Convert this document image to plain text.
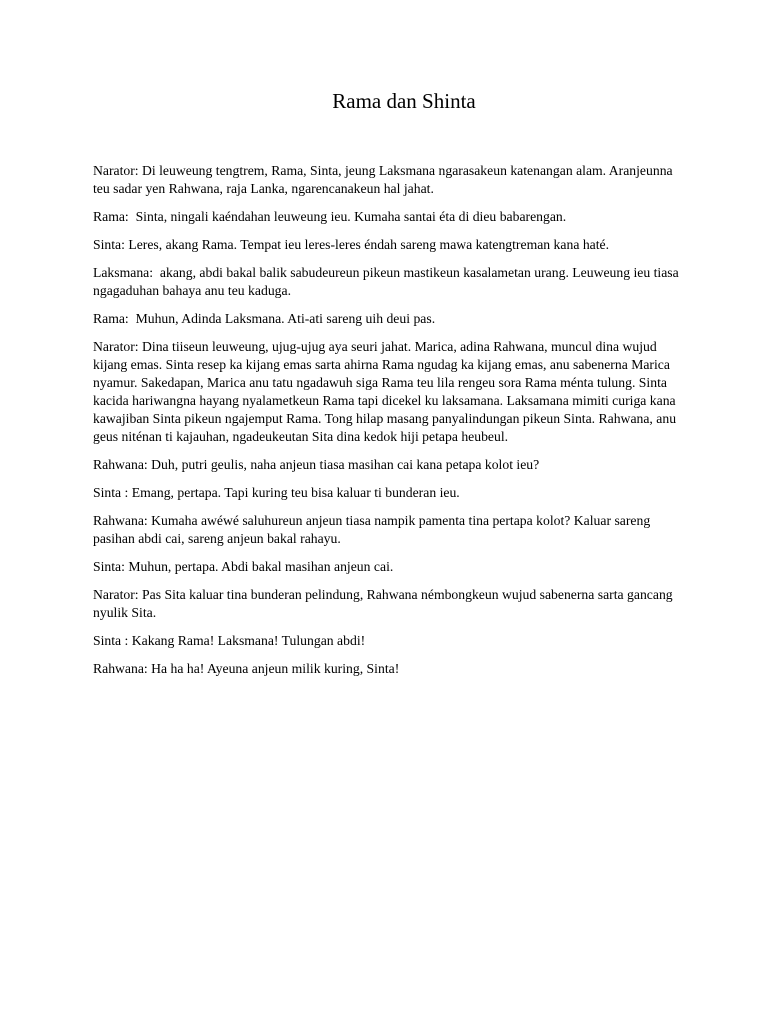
Rama dan Shinta

Narator: Di leuweung tengtrem, Rama, Sinta, jeung Laksmana ngarasakeun katenangan alam. Aranjeunna teu sadar yen Rahwana, raja Lanka, ngarencanakeun hal jahat.

Rama:  Sinta, ningali kaéndahan leuweung ieu. Kumaha santai éta di dieu babarengan.

Sinta: Leres, akang Rama. Tempat ieu leres-leres éndah sareng mawa katengtreman kana haté.

Laksmana:  akang, abdi bakal balik sabudeureun pikeun mastikeun kasalametan urang. Leuweung ieu tiasa ngagaduhan bahaya anu teu kaduga.

Rama:  Muhun, Adinda Laksmana. Ati-ati sareng uih deui pas.

Narator: Dina tiiseun leuweung, ujug-ujug aya seuri jahat. Marica, adina Rahwana, muncul dina wujud kijang emas. Sinta resep ka kijang emas sarta ahirna Rama ngudag ka kijang emas, anu sabenerna Marica nyamur. Sakedapan, Marica anu tatu ngadawuh siga Rama teu lila rengeu sora Rama ménta tulung. Sinta kacida hariwangna hayang nyalametkeun Rama tapi dicekel ku laksamana. Laksamana mimiti curiga kana kawajiban Sinta pikeun ngajemput Rama. Tong hilap masang panyalindungan pikeun Sinta. Rahwana, anu geus niténan ti kajauhan, ngadeukeutan Sita dina kedok hiji petapa heubeul.

Rahwana: Duh, putri geulis, naha anjeun tiasa masihan cai kana petapa kolot ieu?

Sinta : Emang, pertapa. Tapi kuring teu bisa kaluar ti bunderan ieu.

Rahwana: Kumaha awéwé saluhureun anjeun tiasa nampik pamenta tina pertapa kolot? Kaluar sareng pasihan abdi cai, sareng anjeun bakal rahayu.

Sinta: Muhun, pertapa. Abdi bakal masihan anjeun cai.

Narator: Pas Sita kaluar tina bunderan pelindung, Rahwana némbongkeun wujud sabenerna sarta gancang nyulik Sita.

Sinta : Kakang Rama! Laksmana! Tulungan abdi!

Rahwana: Ha ha ha! Ayeuna anjeun milik kuring, Sinta!
